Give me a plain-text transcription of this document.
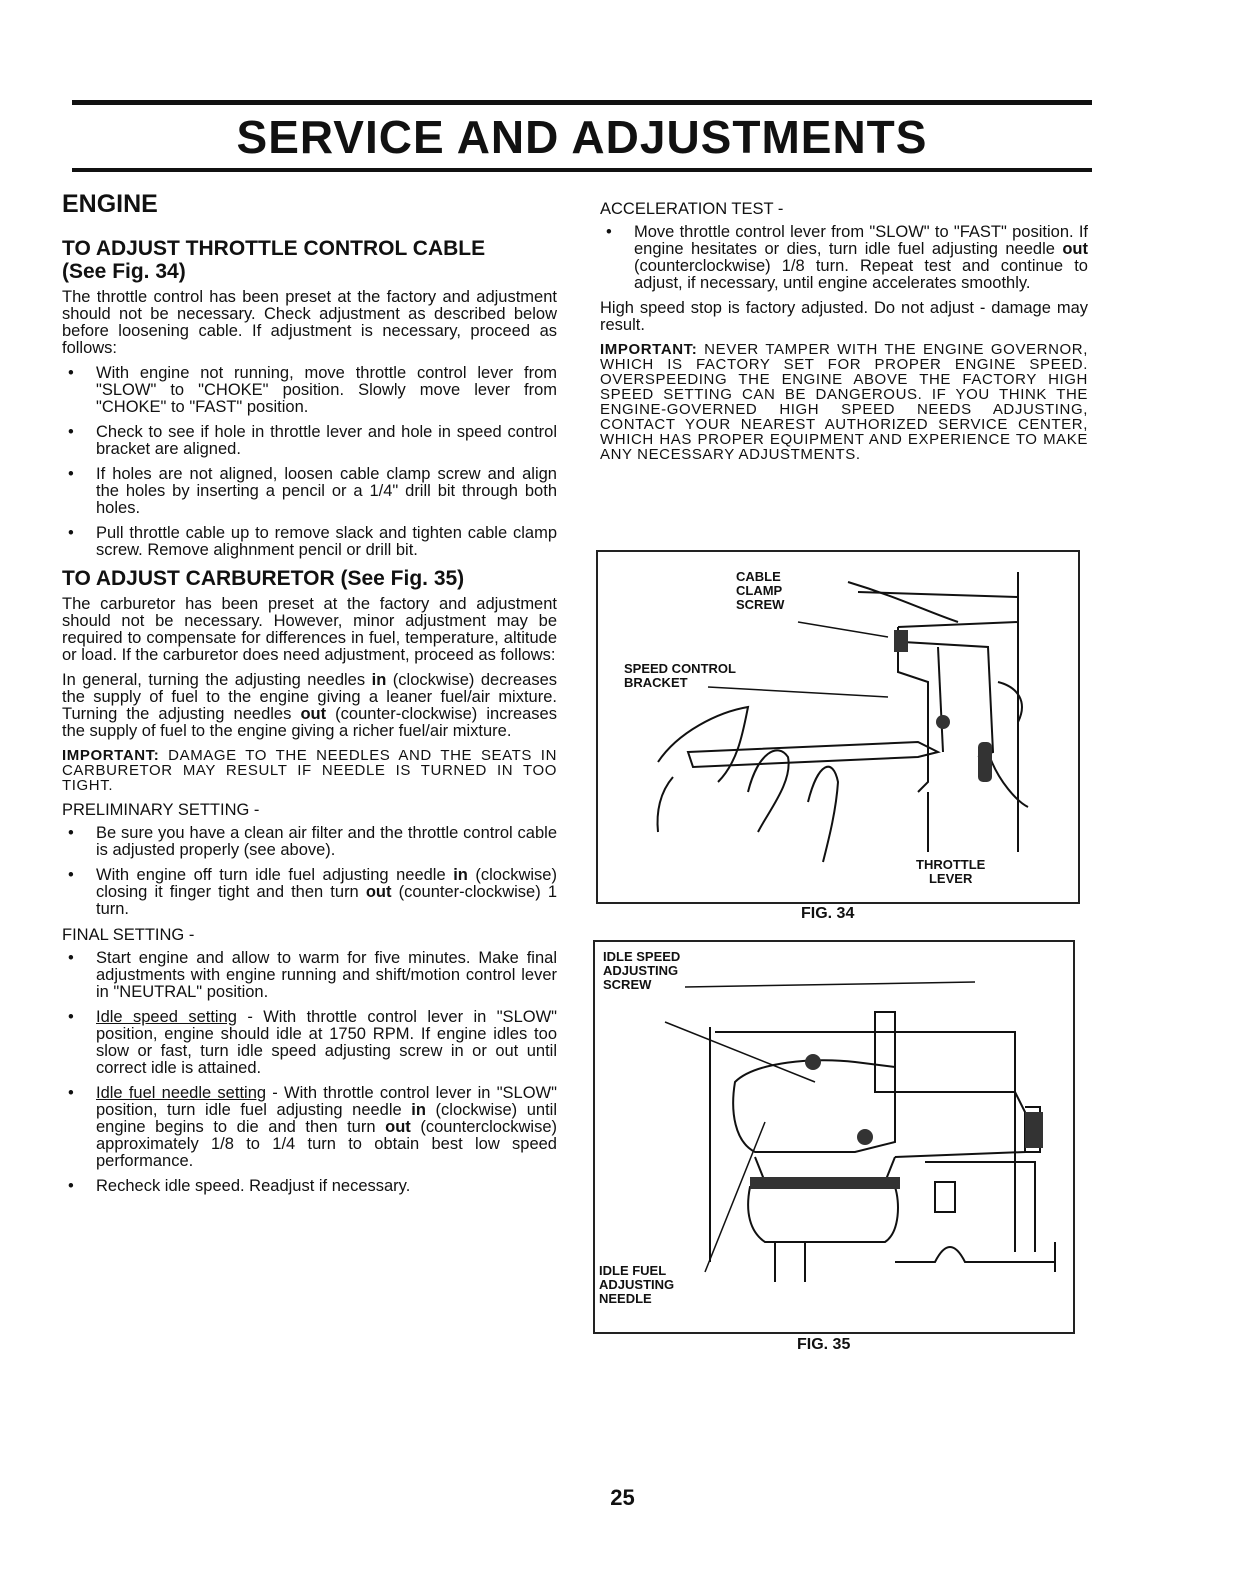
SERVICE AND ADJUSTMENTS
ENGINE
TO ADJUST THROTTLE CONTROL CABLE
(See Fig. 34)

The throttle control has been preset at the factory and adjustment should not be necessary. Check adjustment as described below before loosening cable. If adjustment is necessary, proceed as follows:

• With engine not running, move throttle control lever from "SLOW" to "CHOKE" position. Slowly move lever from "CHOKE" to "FAST" position.
• Check to see if hole in throttle lever and hole in speed control bracket are aligned.
• If holes are not aligned, loosen cable clamp screw and align the holes by inserting a pencil or a 1/4" drill bit through both holes.
• Pull throttle cable up to remove slack and tighten cable clamp screw. Remove alighnment pencil or drill bit.
TO ADJUST CARBURETOR (See Fig. 35)

The carburetor has been preset at the factory and adjustment should not be necessary. However, minor adjustment may be required to compensate for differences in fuel, temperature, altitude or load. If the carburetor does need adjustment, proceed as follows:

In general, turning the adjusting needles in (clockwise) decreases the supply of fuel to the engine giving a leaner fuel/air mixture. Turning the adjusting needles out (counter-clockwise) increases the supply of fuel to the engine giving a richer fuel/air mixture.

IMPORTANT: DAMAGE TO THE NEEDLES AND THE SEATS IN CARBURETOR MAY RESULT IF NEEDLE IS TURNED IN TOO TIGHT.

PRELIMINARY SETTING -
• Be sure you have a clean air filter and the throttle control cable is adjusted properly (see above).
• With engine off turn idle fuel adjusting needle in (clockwise) closing it finger tight and then turn out (counter-clockwise) 1 turn.
FINAL SETTING -
• Start engine and allow to warm for five minutes. Make final adjustments with engine running and shift/motion control lever in "NEUTRAL" position.
• Idle speed setting - With throttle control lever in "SLOW" position, engine should idle at 1750 RPM. If engine idles too slow or fast, turn idle speed adjusting screw in or out until correct idle is attained.
• Idle fuel needle setting - With throttle control lever in "SLOW" position, turn idle fuel adjusting needle in (clockwise) until engine begins to die and then turn out (counterclockwise) approximately 1/8 to 1/4 turn to obtain best low speed performance.
• Recheck idle speed. Readjust if necessary.
ACCELERATION TEST -
• Move throttle control lever from "SLOW" to "FAST" position. If engine hesitates or dies, turn idle fuel adjusting needle out (counterclockwise) 1/8 turn. Repeat test and continue to adjust, if necessary, until engine accelerates smoothly.

High speed stop is factory adjusted. Do not adjust - damage may result.

IMPORTANT: NEVER TAMPER WITH THE ENGINE GOVERNOR, WHICH IS FACTORY SET FOR PROPER ENGINE SPEED. OVERSPEEDING THE ENGINE ABOVE THE FACTORY HIGH SPEED SETTING CAN BE DANGEROUS. IF YOU THINK THE ENGINE-GOVERNED HIGH SPEED NEEDS ADJUSTING, CONTACT YOUR NEAREST AUTHORIZED SERVICE CENTER, WHICH HAS PROPER EQUIPMENT AND EXPERIENCE TO MAKE ANY NECESSARY ADJUSTMENTS.

CABLE
CLAMP
SCREW
SPEED CONTROL
BRACKET
THROTTLE
LEVER
FIG. 34
IDLE SPEED
ADJUSTING
SCREW
IDLE FUEL
ADJUSTING
NEEDLE
FIG. 35
25
